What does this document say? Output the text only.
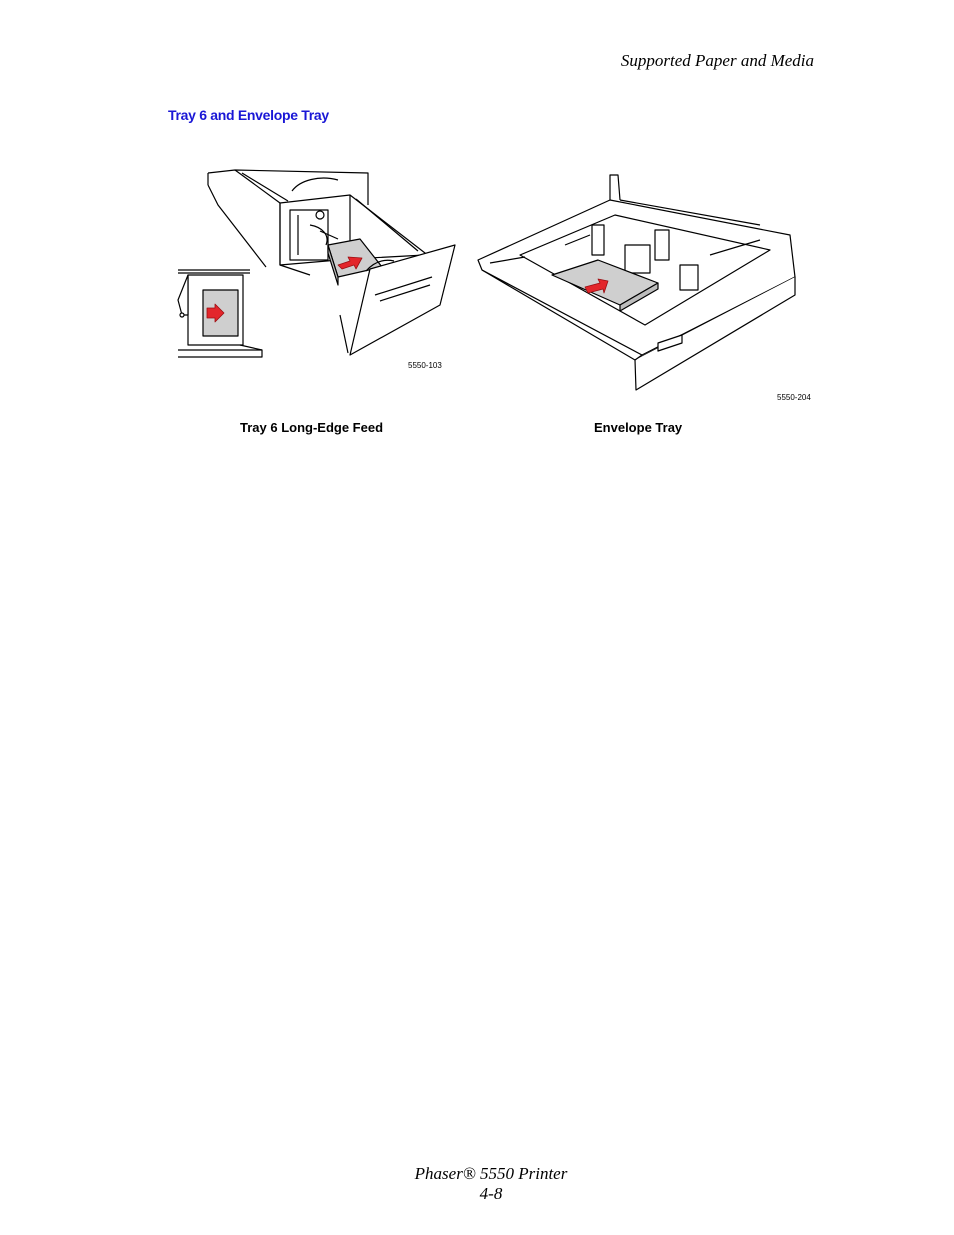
Supported Paper and Media
Tray 6 and Envelope Tray
5550-103
5550-204
Tray 6 Long-Edge Feed	Envelope Tray
Phaser® 5550 Printer
4-8
